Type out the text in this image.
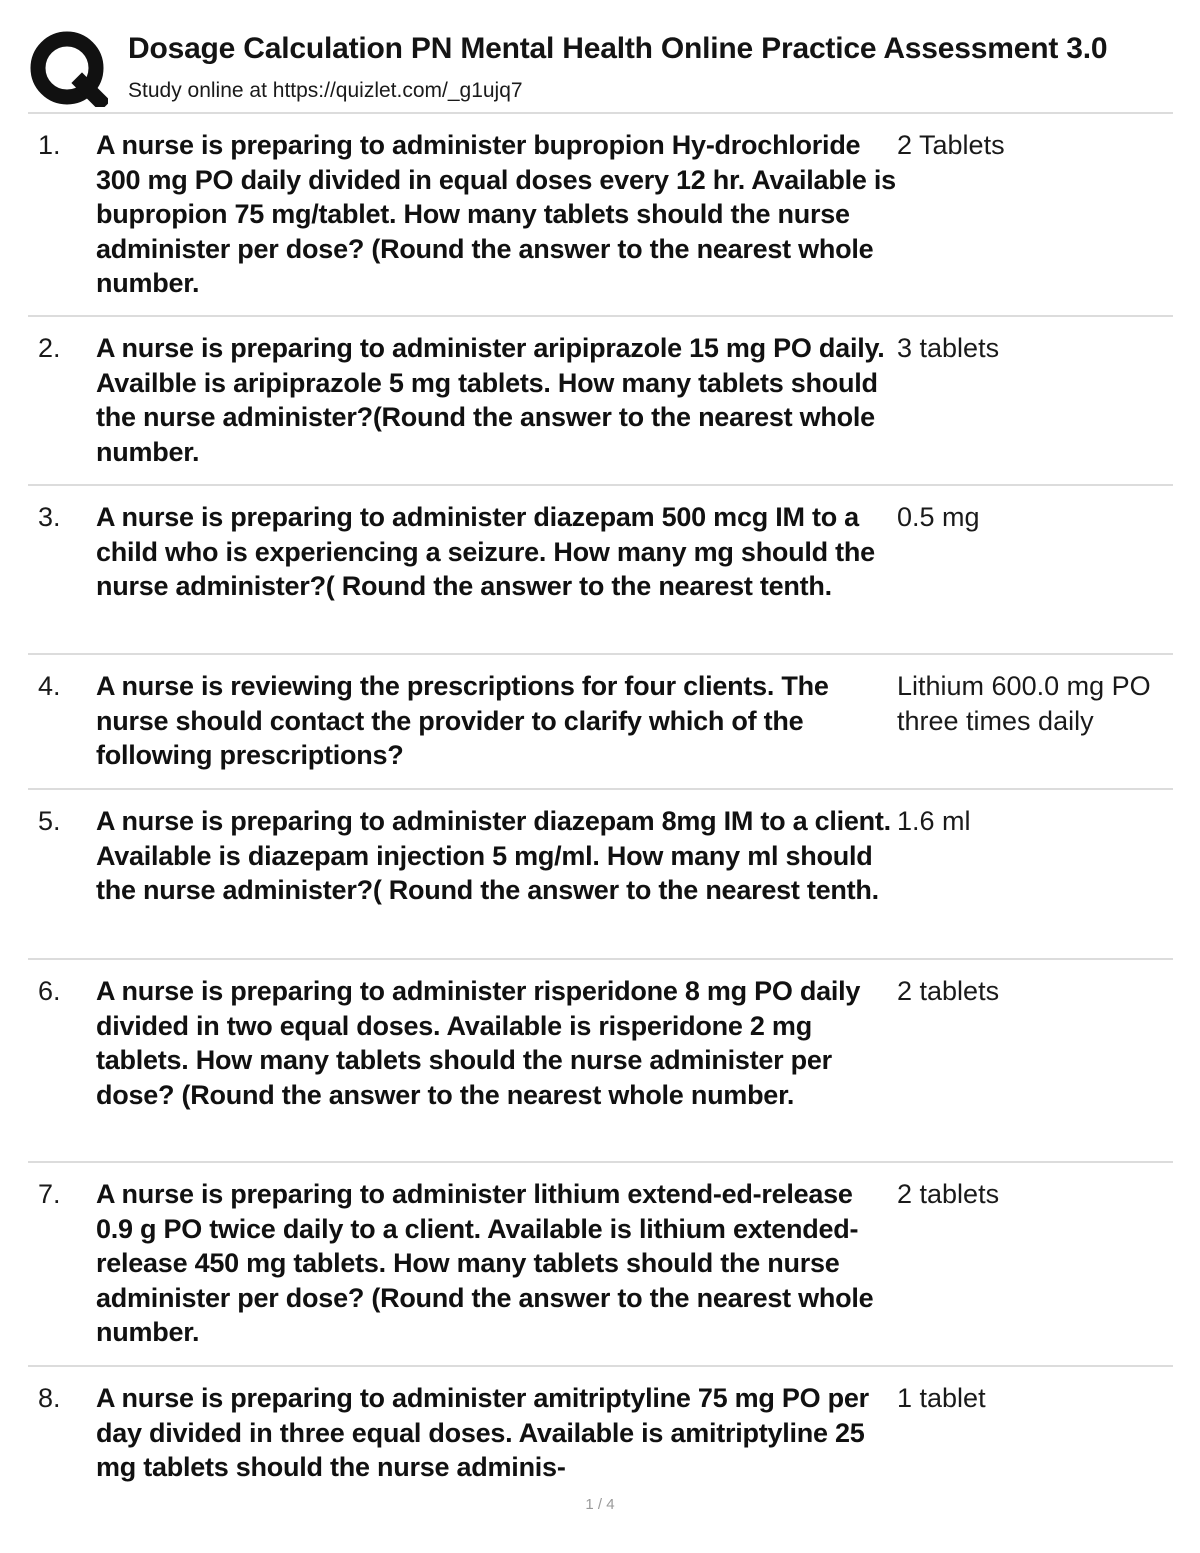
Dosage Calculation PN Mental Health Online Practice Assessment 3.0
Study online at https://quizlet.com/_g1ujq7
1. A nurse is preparing to administer bupropion Hy-drochloride 300 mg PO daily divided in equal doses every 12 hr. Available is bupropion 75 mg/tablet. How many tablets should the nurse administer per dose? (Round the answer to the nearest whole number.
2 Tablets
2. A nurse is preparing to administer aripiprazole 15 mg PO daily. Availble is aripiprazole 5 mg tablets. How many tablets should the nurse administer?(Round the answer to the nearest whole number.
3 tablets
3. A nurse is preparing to administer diazepam 500 mcg IM to a child who is experiencing a seizure. How many mg should the nurse administer?( Round the answer to the nearest tenth.
0.5 mg
4. A nurse is reviewing the prescriptions for four clients. The nurse should contact the provider to clarify which of the following prescriptions?
Lithium 600.0 mg PO three times daily
5. A nurse is preparing to administer diazepam 8mg IM to a client. Available is diazepam injection 5 mg/ml. How many ml should the nurse administer?( Round the answer to the nearest tenth.
1.6 ml
6. A nurse is preparing to administer risperidone 8 mg PO daily divided in two equal doses. Available is risperidone 2 mg tablets. How many tablets should the nurse administer per dose? (Round the answer to the nearest whole number.
2 tablets
7. A nurse is preparing to administer lithium extend-ed-release 0.9 g PO twice daily to a client. Available is lithium extended-release 450 mg tablets. How many tablets should the nurse administer per dose? (Round the answer to the nearest whole number.
2 tablets
8. A nurse is preparing to administer amitriptyline 75 mg PO per day divided in three equal doses. Available is amitriptyline 25 mg tablets should the nurse adminis-
1 tablet
1 / 4
